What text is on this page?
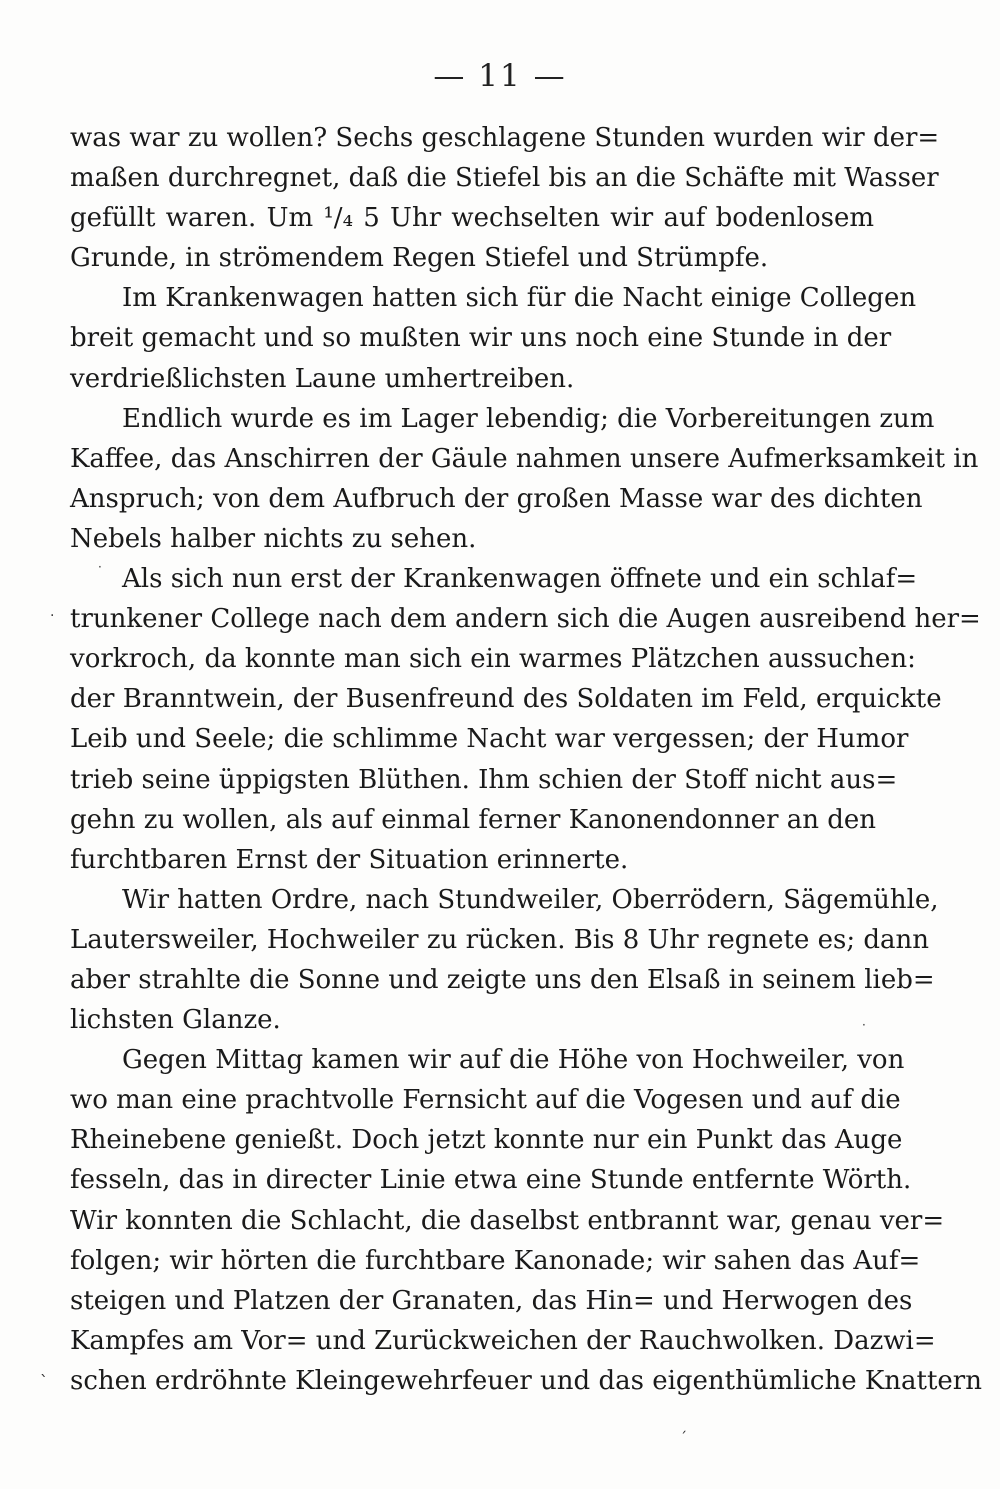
— 11 —
was war zu wollen? Sechs geschlagene Stunden wurden wir der=
maßen durchregnet, daß die Stiefel bis an die Schäfte mit Wasser
gefüllt waren. Um ¹/₄ 5 Uhr wechselten wir auf bodenlosem
Grunde, in strömendem Regen Stiefel und Strümpfe.
Im Krankenwagen hatten sich für die Nacht einige Collegen
breit gemacht und so mußten wir uns noch eine Stunde in der
verdrießlichsten Laune umhertreiben.
Endlich wurde es im Lager lebendig; die Vorbereitungen zum
Kaffee, das Anschirren der Gäule nahmen unsere Aufmerksamkeit in
Anspruch; von dem Aufbruch der großen Masse war des dichten
Nebels halber nichts zu sehen.
Als sich nun erst der Krankenwagen öffnete und ein schlaf=
trunkener College nach dem andern sich die Augen ausreibend her=
vorkroch, da konnte man sich ein warmes Plätzchen aussuchen:
der Branntwein, der Busenfreund des Soldaten im Feld, erquickte
Leib und Seele; die schlimme Nacht war vergessen; der Humor
trieb seine üppigsten Blüthen. Ihm schien der Stoff nicht aus=
gehn zu wollen, als auf einmal ferner Kanonendonner an den
furchtbaren Ernst der Situation erinnerte.
Wir hatten Ordre, nach Stundweiler, Oberrödern, Sägemühle,
Lautersweiler, Hochweiler zu rücken. Bis 8 Uhr regnete es; dann
aber strahlte die Sonne und zeigte uns den Elsaß in seinem lieb=
lichsten Glanze.
Gegen Mittag kamen wir auf die Höhe von Hochweiler, von
wo man eine prachtvolle Fernsicht auf die Vogesen und auf die
Rheinebene genießt. Doch jetzt konnte nur ein Punkt das Auge
fesseln, das in directer Linie etwa eine Stunde entfernte Wörth.
Wir konnten die Schlacht, die daselbst entbrannt war, genau ver=
folgen; wir hörten die furchtbare Kanonade; wir sahen das Auf=
steigen und Platzen der Granaten, das Hin= und Herwogen des
Kampfes am Vor= und Zurückweichen der Rauchwolken. Dazwi=
schen erdröhnte Kleingewehrfeuer und das eigenthümliche Knattern
·
·
·
ˋ
ˏ
